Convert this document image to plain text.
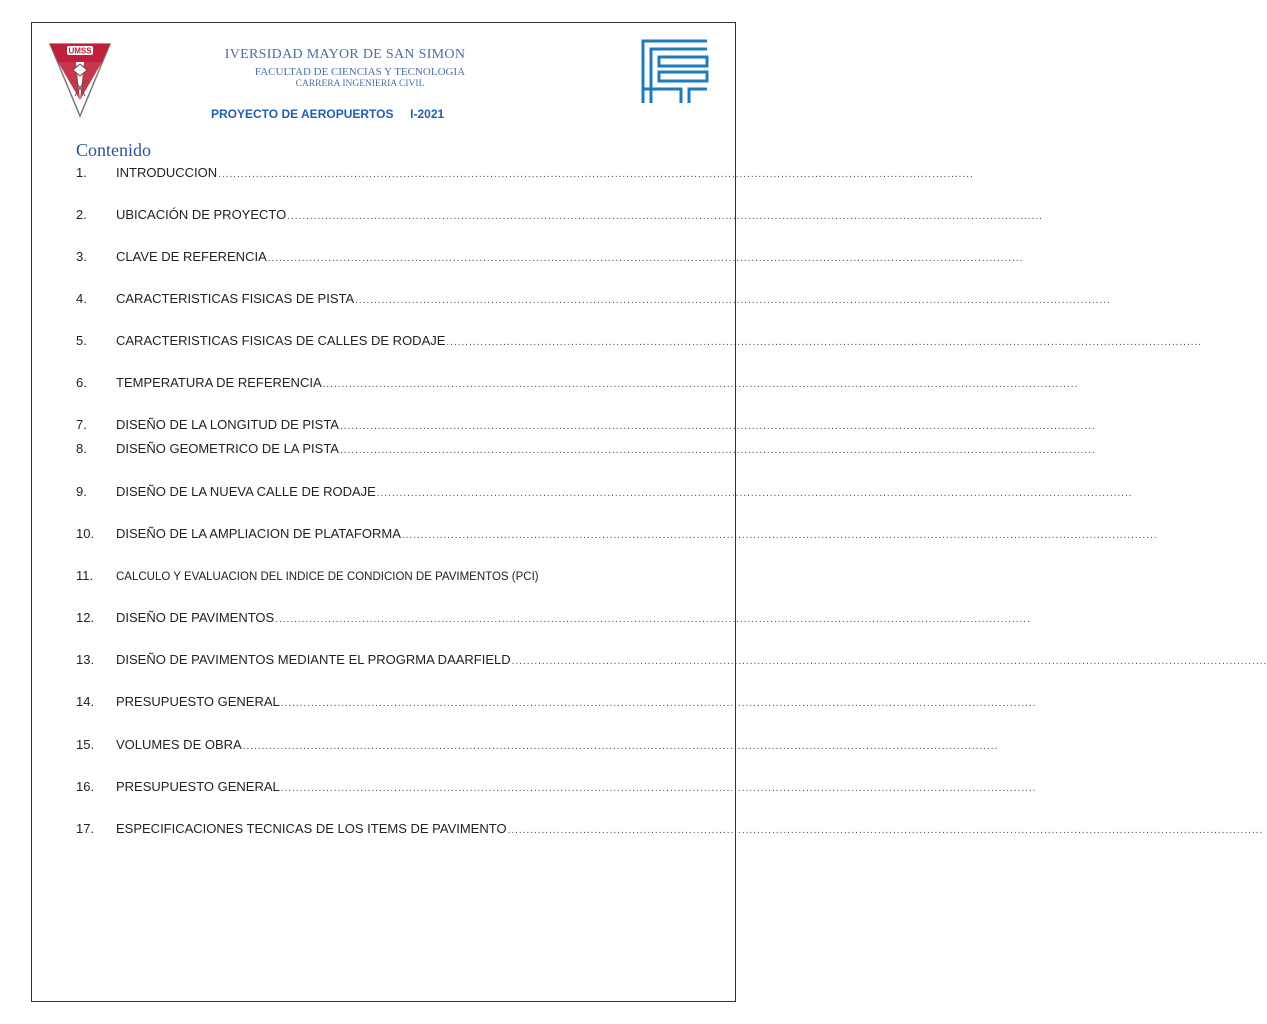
UMSS	IVERSIDAD MAYOR DE SAN SIMON
FACULTAD DE CIENCIAS Y TECNOLOGIA
CARRERA INGENIERIA CIVIL
PROYECTO DE AEROPUERTOS     I-2021
Contenido
1.	INTRODUCCION ........................................................................................................................................................................................................
2.	UBICACIÓN DE PROYECTO ........................................................................................................................................................................................................
3.	CLAVE DE REFERENCIA ........................................................................................................................................................................................................
4.	CARACTERISTICAS FISICAS DE PISTA ........................................................................................................................................................................................................
5.	CARACTERISTICAS FISICAS DE CALLES DE RODAJE ........................................................................................................................................................................................................
6.	TEMPERATURA DE REFERENCIA ........................................................................................................................................................................................................
7.	DISEÑO DE LA LONGITUD DE PISTA ........................................................................................................................................................................................................
8.	DISEÑO GEOMETRICO DE LA PISTA ........................................................................................................................................................................................................
9.	DISEÑO DE LA NUEVA CALLE DE RODAJE ........................................................................................................................................................................................................
10.	DISEÑO DE LA AMPLIACION DE PLATAFORMA ........................................................................................................................................................................................................
11.	CALCULO Y EVALUACION DEL INDICE DE CONDICION DE PAVIMENTOS (PCI)
12.	DISEÑO DE PAVIMENTOS ........................................................................................................................................................................................................
13.	DISEÑO DE PAVIMENTOS MEDIANTE EL PROGRMA DAARFIELD ........................................................................................................................................................................................................
14.	PRESUPUESTO GENERAL ........................................................................................................................................................................................................
15.	VOLUMES DE OBRA ........................................................................................................................................................................................................
16.	PRESUPUESTO GENERAL ........................................................................................................................................................................................................
17.	ESPECIFICACIONES TECNICAS DE LOS ITEMS DE PAVIMENTO ........................................................................................................................................................................................................
